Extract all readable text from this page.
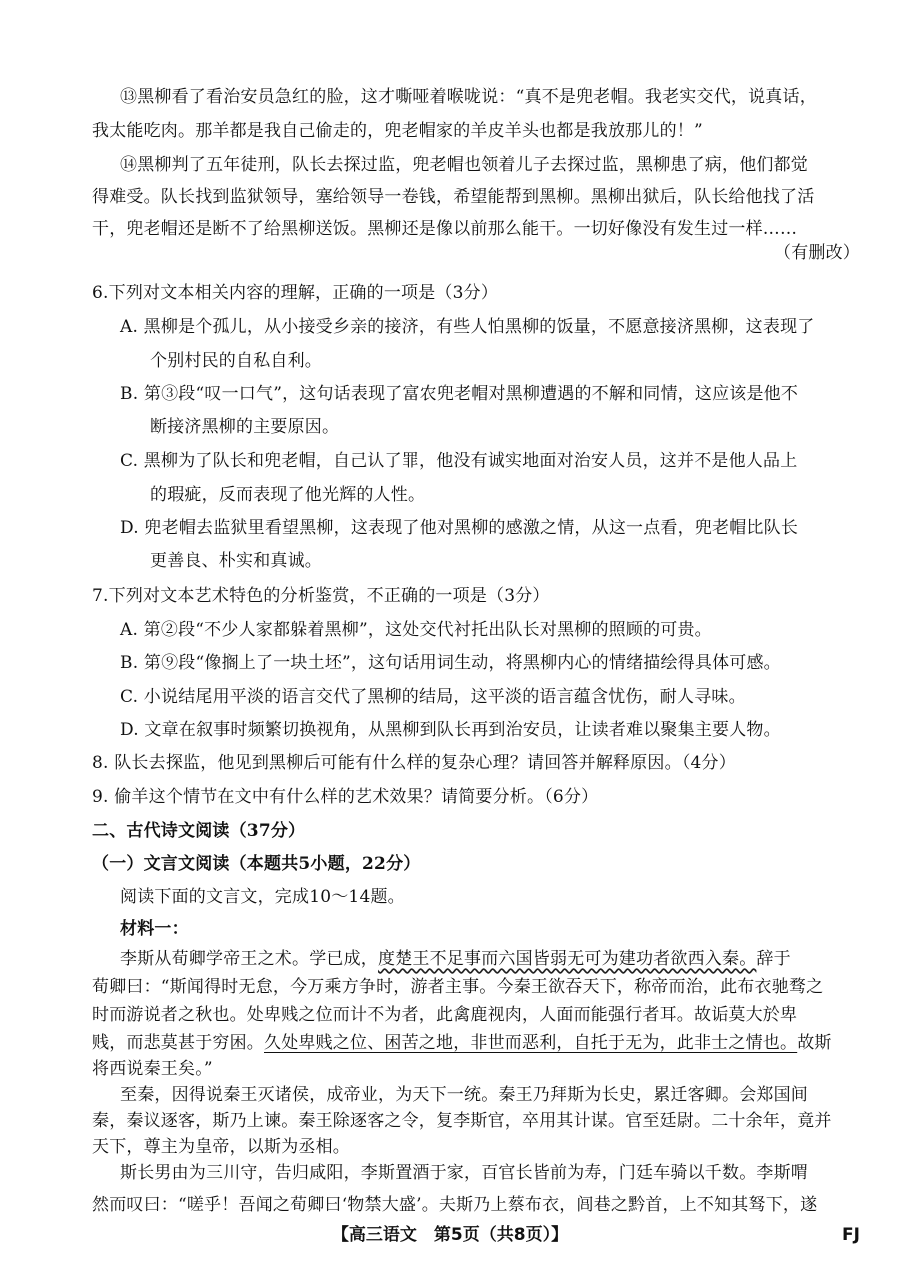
⑬黑柳看了看治安员急红的脸，这才嘶哑着喉咙说：“真不是兜老帽。我老实交代，说真话，
我太能吃肉。那羊都是我自己偷走的，兜老帽家的羊皮羊头也都是我放那儿的！”
⑭黑柳判了五年徒刑，队长去探过监，兜老帽也领着儿子去探过监，黑柳患了病，他们都觉
得难受。队长找到监狱领导，塞给领导一卷钱，希望能帮到黑柳。黑柳出狱后，队长给他找了活
干，兜老帽还是断不了给黑柳送饭。黑柳还是像以前那么能干。一切好像没有发生过一样……
（有删改）
6.下列对文本相关内容的理解，正确的一项是（3分）
A. 黑柳是个孤儿，从小接受乡亲的接济，有些人怕黑柳的饭量，不愿意接济黑柳，这表现了
个别村民的自私自利。
B. 第③段“叹一口气”，这句话表现了富农兜老帽对黑柳遭遇的不解和同情，这应该是他不
断接济黑柳的主要原因。
C. 黑柳为了队长和兜老帽，自己认了罪，他没有诚实地面对治安人员，这并不是他人品上
的瑕疵，反而表现了他光辉的人性。
D. 兜老帽去监狱里看望黑柳，这表现了他对黑柳的感激之情，从这一点看，兜老帽比队长
更善良、朴实和真诚。
7.下列对文本艺术特色的分析鉴赏，不正确的一项是（3分）
A. 第②段“不少人家都躲着黑柳”，这处交代衬托出队长对黑柳的照顾的可贵。
B. 第⑨段“像搁上了一块土坯”，这句话用词生动，将黑柳内心的情绪描绘得具体可感。
C. 小说结尾用平淡的语言交代了黑柳的结局，这平淡的语言蕴含忧伤，耐人寻味。
D. 文章在叙事时频繁切换视角，从黑柳到队长再到治安员，让读者难以聚集主要人物。
8. 队长去探监，他见到黑柳后可能有什么样的复杂心理？请回答并解释原因。（4分）
9. 偷羊这个情节在文中有什么样的艺术效果？请简要分析。（6分）
二、古代诗文阅读（37分）
（一）文言文阅读（本题共5小题，22分）
阅读下面的文言文，完成10～14题。
材料一：
李斯从荀卿学帝王之术。学已成，度楚王不足事而六国皆弱无可为建功者欲西入秦。辞于
荀卿曰：“斯闻得时无怠，今万乘方争时，游者主事。今秦王欲吞天下，称帝而治，此布衣驰骛之
时而游说者之秋也。处卑贱之位而计不为者，此禽鹿视肉，人面而能强行者耳。故诟莫大於卑
贱，而悲莫甚于穷困。久处卑贱之位、困苦之地，非世而恶利，自托于无为，此非士之情也。故斯
将西说秦王矣。”
至秦，因得说秦王灭诸侯，成帝业，为天下一统。秦王乃拜斯为长史，累迁客卿。会郑国间
秦，秦议逐客，斯乃上谏。秦王除逐客之令，复李斯官，卒用其计谋。官至廷尉。二十余年，竟并
天下，尊主为皇帝，以斯为丞相。
斯长男由为三川守，告归咸阳，李斯置酒于家，百官长皆前为寿，门廷车骑以千数。李斯喟
然而叹曰：“嗟乎！吾闻之荀卿曰‘物禁大盛’。夫斯乃上蔡布衣，闾巷之黔首，上不知其驽下，遂
【高三语文　第5页（共8页）】	FJ
